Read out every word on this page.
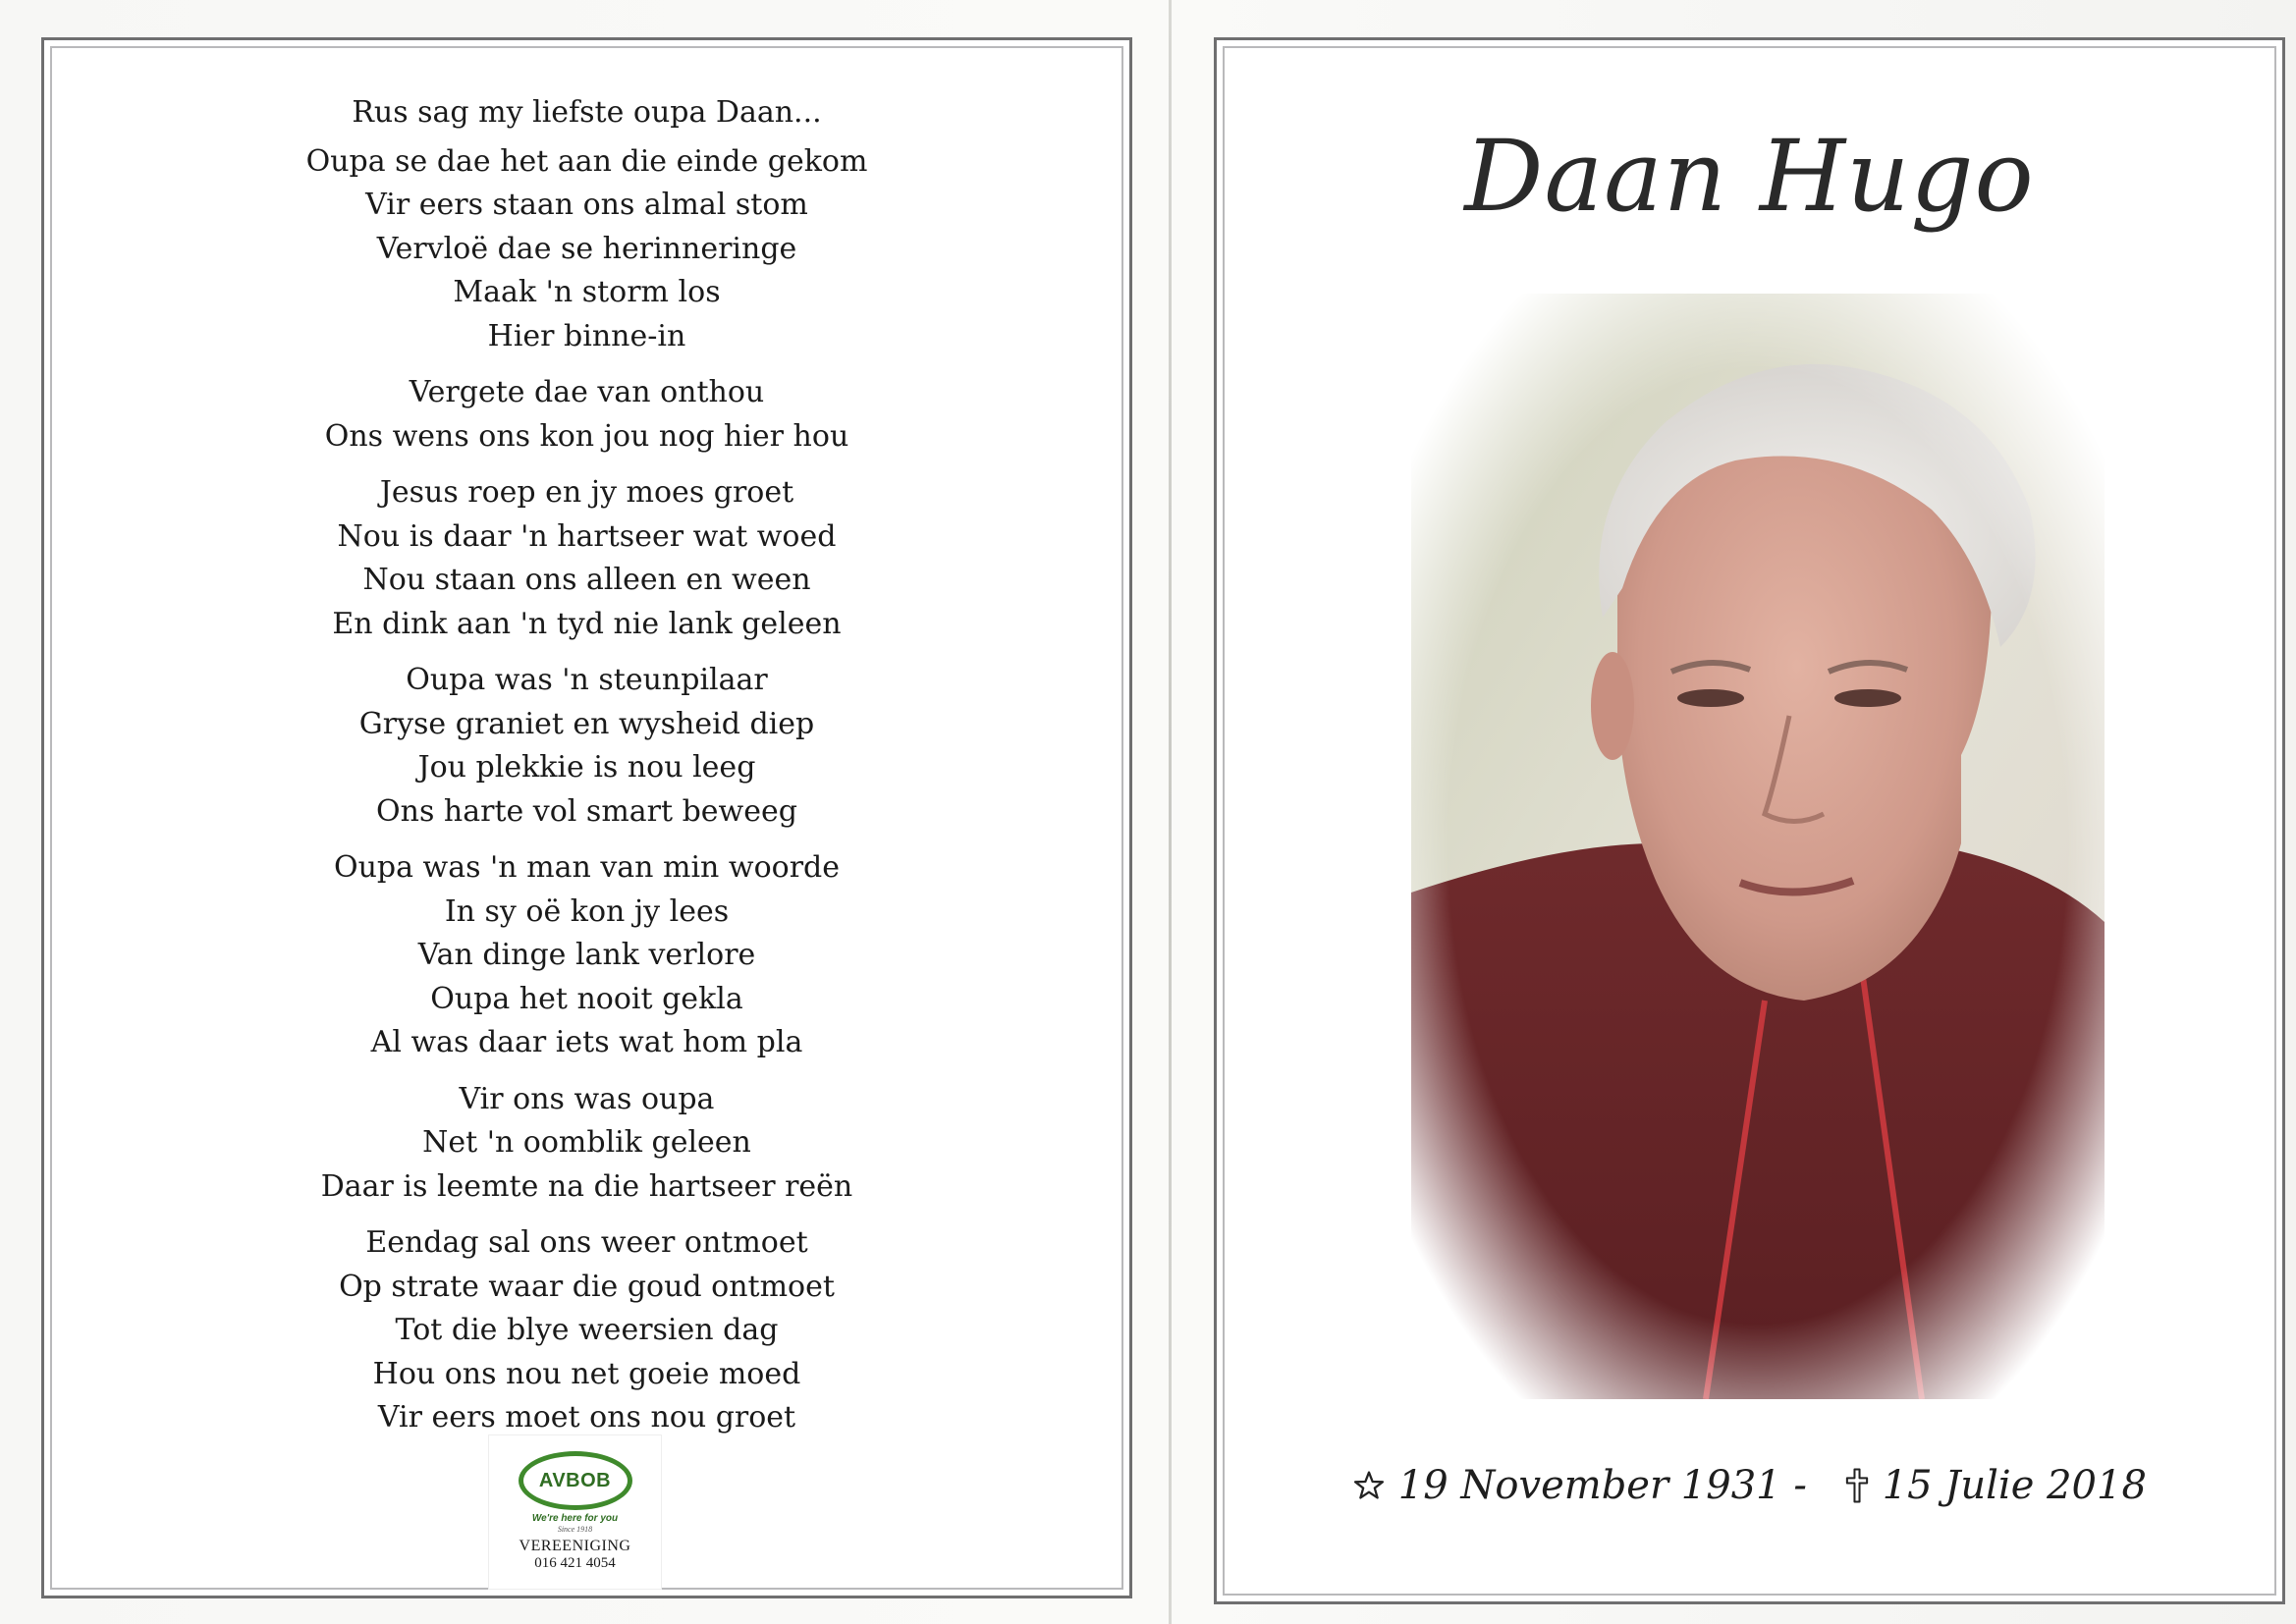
Rus sag my liefste oupa Daan...
Oupa se dae het aan die einde gekom
Vir eers staan ons almal stom
Vervloë dae se herinneringe
Maak 'n storm los
Hier binne-in
Vergete dae van onthou
Ons wens ons kon jou nog hier hou
Jesus roep en jy moes groet
Nou is daar 'n hartseer wat woed
Nou staan ons alleen en ween
En dink aan 'n tyd nie lank geleen
Oupa was 'n steunpilaar
Gryse graniet en wysheid diep
Jou plekkie is nou leeg
Ons harte vol smart beweeg
Oupa was 'n man van min woorde
In sy oë kon jy lees
Van dinge lank verlore
Oupa het nooit gekla
Al was daar iets wat hom pla
Vir ons was oupa
Net 'n oomblik geleen
Daar is leemte na die hartseer reën
Eendag sal ons weer ontmoet
Op strate waar die goud ontmoet
Tot die blye weersien dag
Hou ons nou net goeie moed
Vir eers moet ons nou groet
AVBOB
We're here for you
Since 1918
VEREENIGING
016 421 4054
Daan Hugo
19 November 1931 - 15 Julie 2018
